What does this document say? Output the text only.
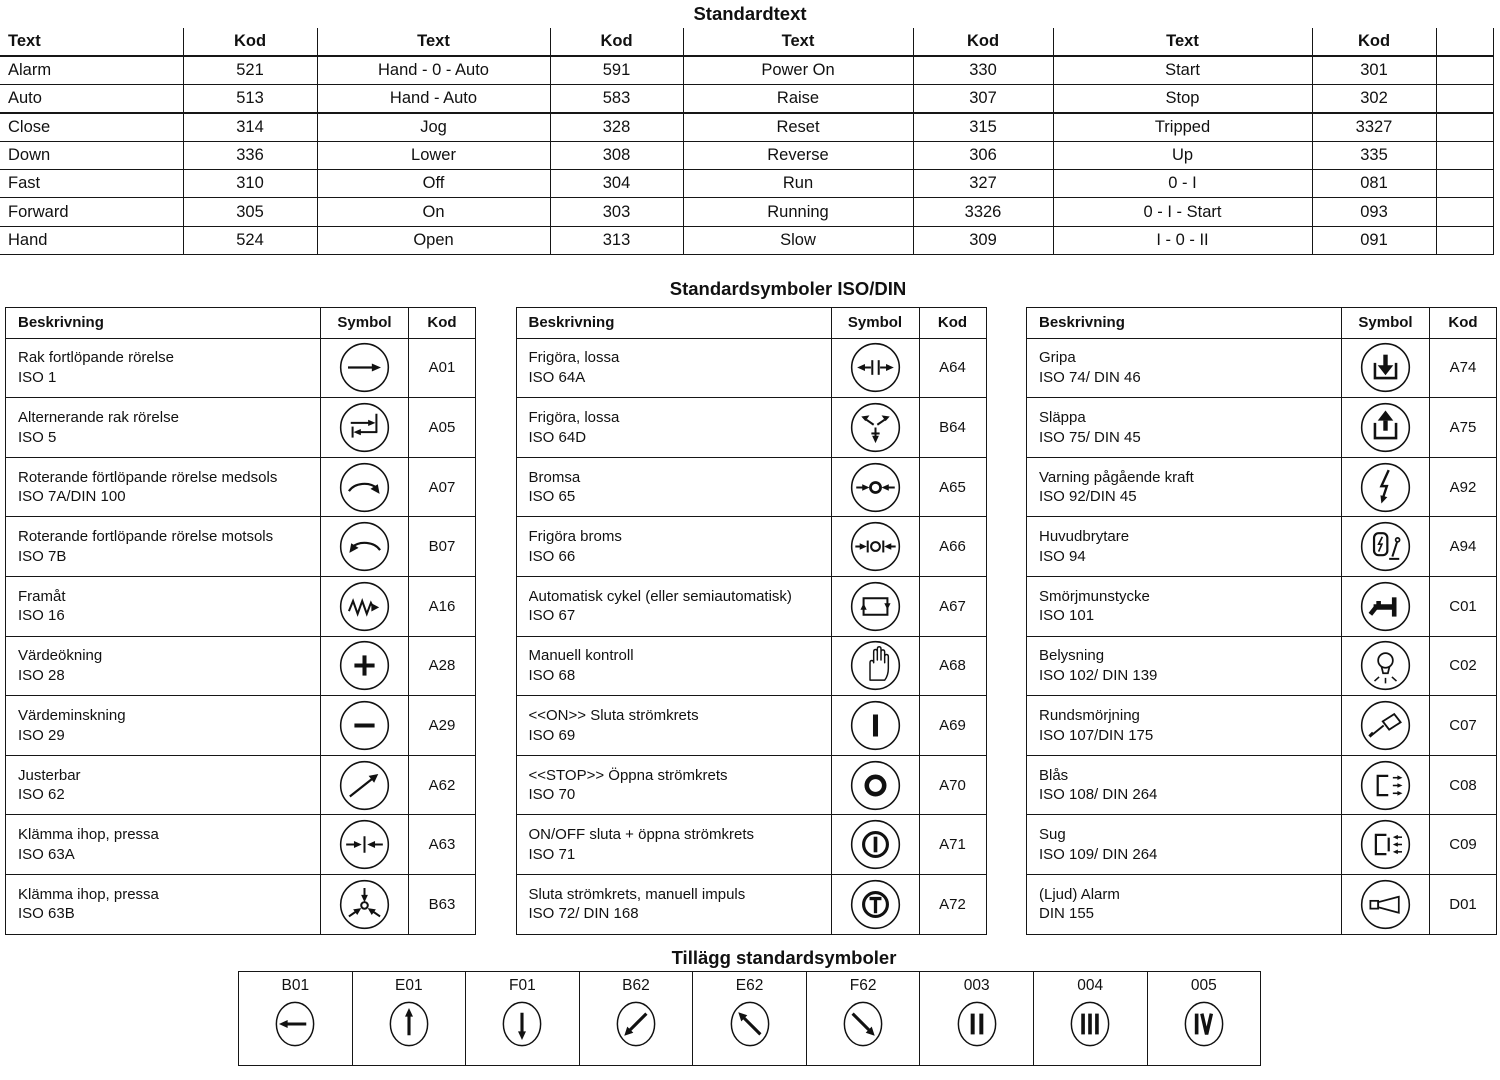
Standardtext
Text	Kod	Text	Kod	Text	Kod	Text	Kod	
Alarm	521	Hand - 0 - Auto	591	Power On	330	Start	301	
Auto	513	Hand - Auto	583	Raise	307	Stop	302	
Close	314	Jog	328	Reset	315	Tripped	3327	
Down	336	Lower	308	Reverse	306	Up	335	
Fast	310	Off	304	Run	327	0 - I	081	
Forward	305	On	303	Running	3326	0 - I - Start	093	
Hand	524	Open	313	Slow	309	I - 0 - II	091	
Standardsymboler ISO/DIN
Beskrivning	Symbol	Kod

Rak fortlöpande rörelse
ISO 1		A01

Alternerande rak rörelse
ISO 5		A05

Roterande förtlöpande rörelse medsols
ISO 7A/DIN 100		A07

Roterande fortlöpande rörelse motsols
ISO 7B		B07

Framåt
ISO 16		A16

Värdeökning
ISO 28		A28

Värdeminskning
ISO 29		A29

Justerbar
ISO 62		A62

Klämma ihop, pressa
ISO 63A		A63

Klämma ihop, pressa
ISO 63B		B63
Beskrivning	Symbol	Kod

Frigöra, lossa
ISO 64A		A64

Frigöra, lossa
ISO 64D		B64

Bromsa
ISO 65		A65

Frigöra broms
ISO 66		A66

Automatisk cykel (eller semiautomatisk)
ISO 67		A67

Manuell kontroll
ISO 68		A68

<<ON>> Sluta strömkrets
ISO 69		A69

<<STOP>> Öppna strömkrets
ISO 70		A70

ON/OFF sluta + öppna strömkrets
ISO 71		A71

Sluta strömkrets, manuell impuls
ISO 72/ DIN 168		A72
Beskrivning	Symbol	Kod

Gripa
ISO 74/ DIN 46		A74

Släppa
ISO 75/ DIN 45		A75

Varning pågående kraft
ISO 92/DIN 45		A92

Huvudbrytare
ISO 94		A94

Smörjmunstycke
ISO 101		C01

Belysning
ISO 102/ DIN 139		C02

Rundsmörjning
ISO 107/DIN 175		C07

Blås
ISO 108/ DIN 264		C08

Sug
ISO 109/ DIN 264		C09

(Ljud) Alarm
DIN 155		D01
Tillägg standardsymboler
B01	E01	F01	B62	E62	F62	003	004	005
